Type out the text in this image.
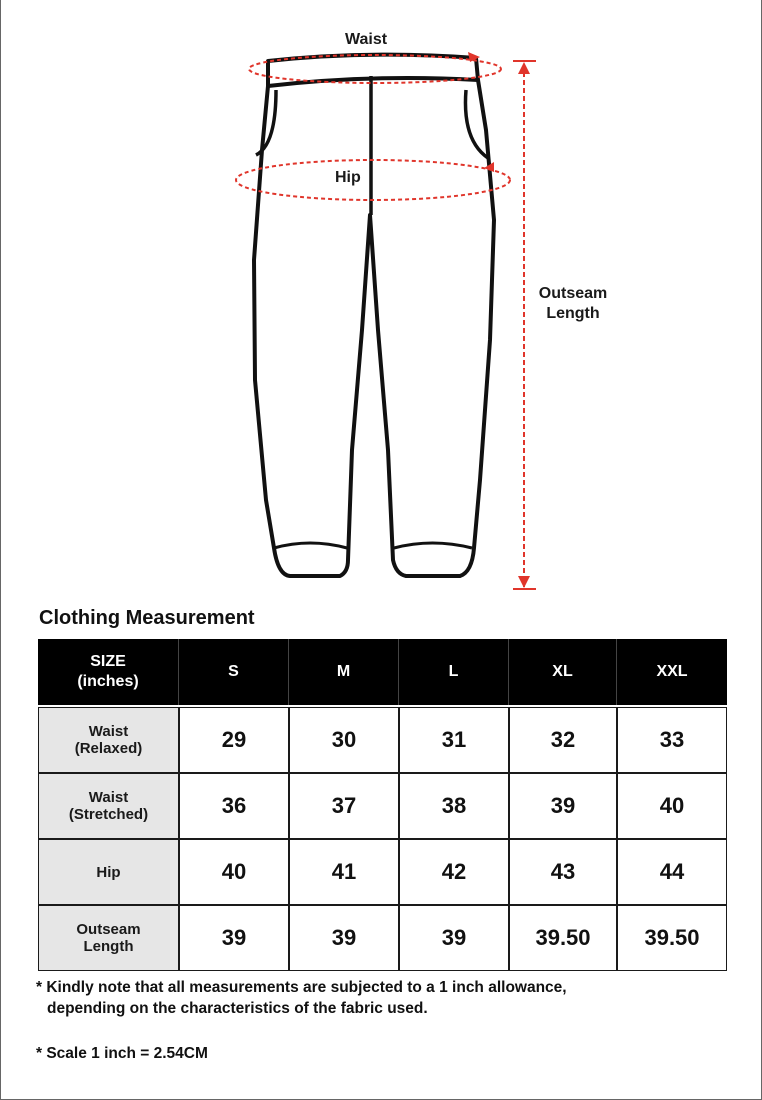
Waist
Hip
Outseam
Length
Clothing Measurement
SIZE
(inches)	S	M	L	XL	XXL

Waist
(Relaxed)	29	30	31	32	33

Waist
(Stretched)	36	37	38	39	40

Hip	40	41	42	43	44

Outseam
Length	39	39	39	39.50	39.50
* Kindly note that all measurements are subjected to a 1 inch allowance,
depending on the characteristics of the fabric used.
* Scale 1 inch = 2.54CM
